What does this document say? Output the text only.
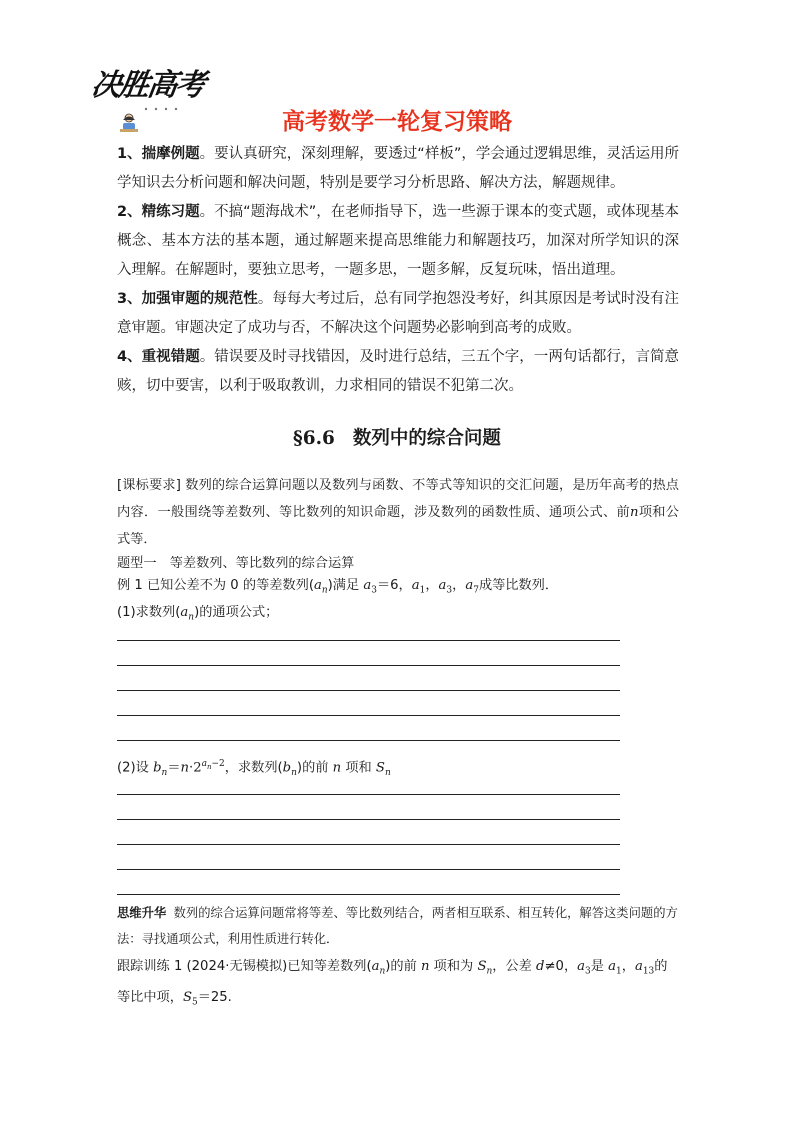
决胜高考
高考数学一轮复习策略

1、揣摩例题。要认真研究，深刻理解，要透过“样板”，学会通过逻辑思维，灵活运用所学知识去分析问题和解决问题，特别是要学习分析思路、解决方法，解题规律。

2、精练习题。不搞“题海战术”，在老师指导下，选一些源于课本的变式题，或体现基本概念、基本方法的基本题，通过解题来提高思维能力和解题技巧，加深对所学知识的深入理解。在解题时，要独立思考，一题多思，一题多解，反复玩味，悟出道理。

3、加强审题的规范性。每每大考过后，总有同学抱怨没考好，纠其原因是考试时没有注意审题。审题决定了成功与否，不解决这个问题势必影响到高考的成败。

4、重视错题。错误要及时寻找错因，及时进行总结，三五个字，一两句话都行，言简意赅，切中要害，以利于吸取教训，力求相同的错误不犯第二次。

§6.6 数列中的综合问题

[课标要求] 数列的综合运算问题以及数列与函数、不等式等知识的交汇问题，是历年高考的热点内容．一般围绕等差数列、等比数列的知识命题，涉及数列的函数性质、通项公式、前n项和公式等．

题型一　等差数列、等比数列的综合运算

例 1 已知公差不为 0 的等差数列$(a_n)$满足 $a_3=6$，$a_1$，$a_3$，$a_7$成等比数列．

(1)求数列$(a_n)$的通项公式；

(2)设 $b_n=n\cdot 2^{a_n-2}$，求数列$(b_n)$的前 n 项和 $S_n$

思维升华 数列的综合运算问题常将等差、等比数列结合，两者相互联系、相互转化，解答这类问题的方法：寻找通项公式，利用性质进行转化．

跟踪训练 1 (2024·无锡模拟)已知等差数列$(a_n)$的前 n 项和为 $S_n$，公差 d≠0，$a_3$是 $a_1$，$a_{13}$的等比中项，$S_5=25$.
